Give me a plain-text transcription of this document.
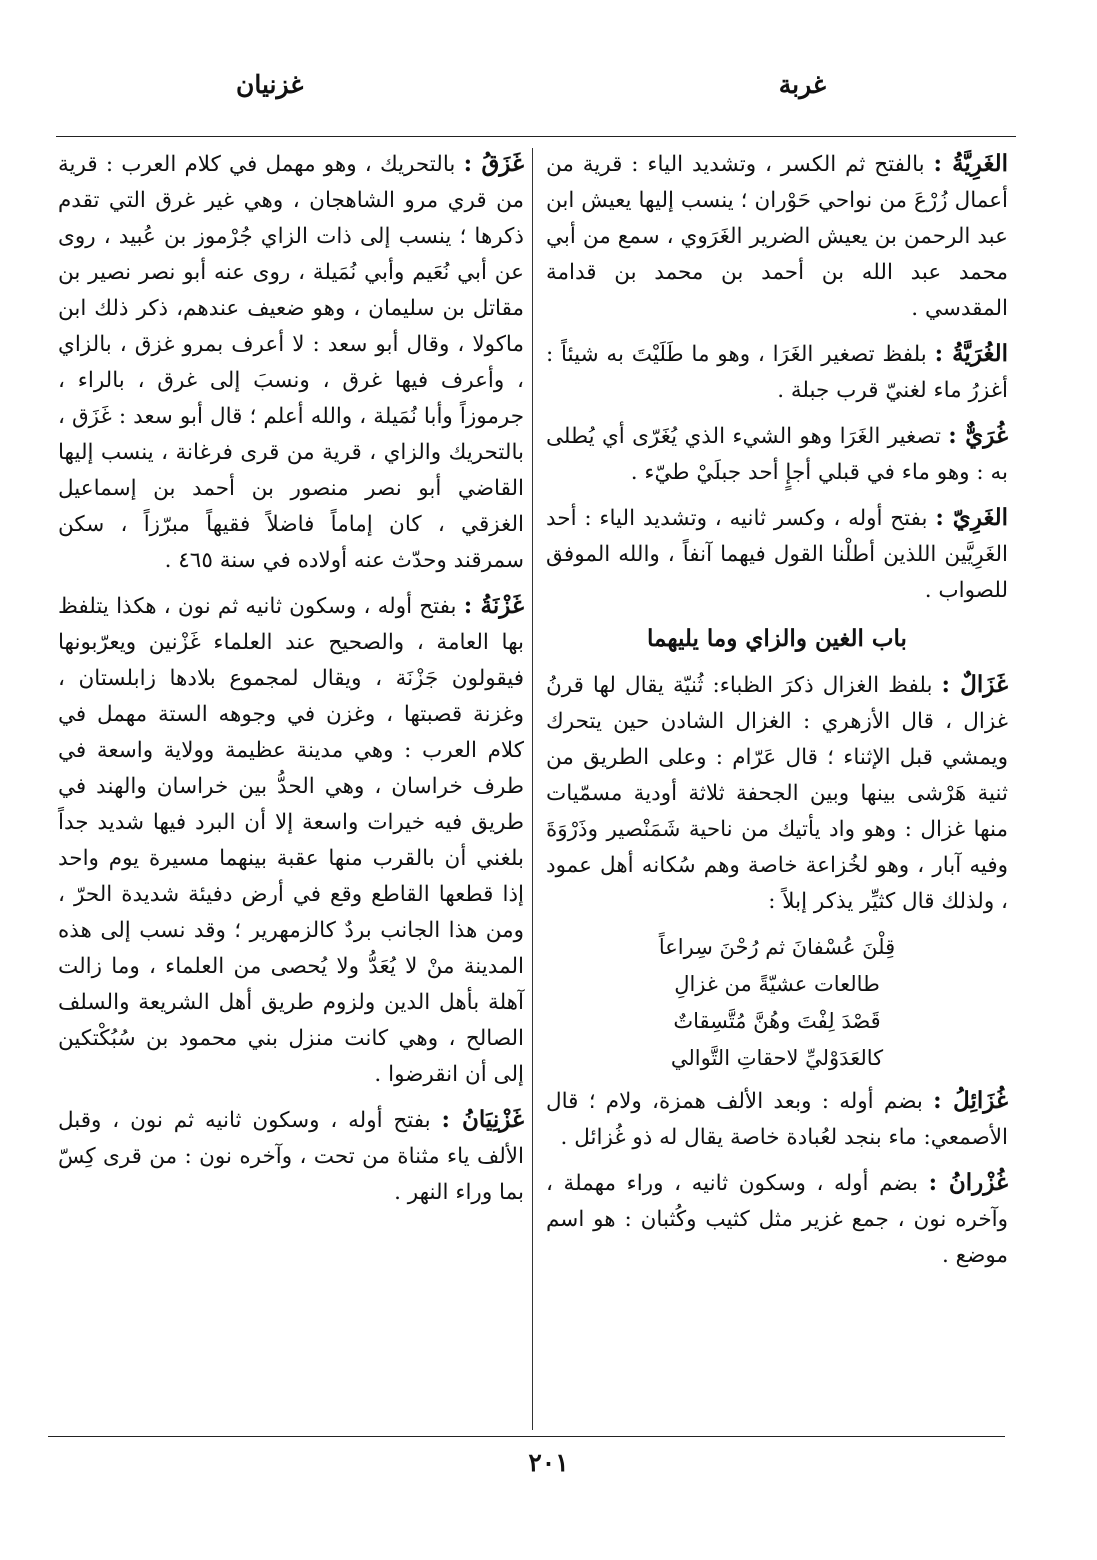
غربة
غزنيان

الغَرِيَّةُ : بالفتح ثم الكسر ، وتشديد الياء : قرية من أعمال زُرْعَ من نواحي حَوْران ؛ ينسب إليها يعيش ابن عبد الرحمن بن يعيش الضرير الغَرَوي ، سمع من أبي محمد عبد الله بن أحمد بن محمد بن قدامة المقدسي .

الغُرَيَّةُ : بلفظ تصغير الغَرَا ، وهو ما طَلَيْتَ به شيئاً : أغزرُ ماء لغنيّ قرب جبلة .

غُرَيٌّ : تصغير الغَرَا وهو الشيء الذي يُغَرّى أي يُطلى به : وهو ماء في قبلي أجإٍ أحد جبلَيْ طيّء .

الغَرِيّ : بفتح أوله ، وكسر ثانيه ، وتشديد الياء : أحد الغَرِيَّين اللذين أطلْنا القول فيهما آنفاً ، والله الموفق للصواب .

باب الغين والزاي وما يليهما

غَزَالٌ : بلفظ الغزال ذكرَ الظباء: ثُنيّة يقال لها قرنُ غزال ، قال الأزهري : الغزال الشادن حين يتحرك ويمشي قبل الإثناء ؛ قال عَرّام : وعلى الطريق من ثنية هَرْشى بينها وبين الجحفة ثلاثة أودية مسمّيات منها غزال : وهو واد يأتيك من ناحية شَمَنْصير وذَرْوَةَ وفيه آبار ، وهو لخُزاعة خاصة وهم سُكانه أهل عمود ، ولذلك قال كثيِّر يذكر إبلاً :

قِلْنَ عُسْفانَ ثم رُحْنَ سِراعاً
طالعات عشيّةً من غزالِ
قَصْدَ لِفْتَ وهُنَّ مُتَّسِقاتٌ
كالعَدَوْليِّ لاحقاتِ التَّوالي

غُزَائِلُ : بضم أوله : وبعد الألف همزة، ولام ؛ قال الأصمعي: ماء بنجد لعُبادة خاصة يقال له ذو غُزائل .

غُزْرانُ : بضم أوله ، وسكون ثانيه ، وراء مهملة ، وآخره نون ، جمع غزير مثل كثيب وكُثبان : هو اسم موضع .

غَزَقُ : بالتحريك ، وهو مهمل في كلام العرب : قرية من قري مرو الشاهجان ، وهي غير غرق التي تقدم ذكرها ؛ ينسب إلى ذات الزاي جُرْموز بن عُبيد ، روى عن أبي نُعَيم وأبي نُمَيلة ، روى عنه أبو نصر نصير بن مقاتل بن سليمان ، وهو ضعيف عندهم، ذكر ذلك ابن ماكولا ، وقال أبو سعد : لا أعرف بمرو غزق ، بالزاي ، وأعرف فيها غرق ، ونسبَ إلى غرق ، بالراء ، جرموزاً وأبا نُمَيلة ، والله أعلم ؛ قال أبو سعد : غَزَق ، بالتحريك والزاي ، قرية من قرى فرغانة ، ينسب إليها القاضي أبو نصر منصور بن أحمد بن إسماعيل الغزقي ، كان إماماً فاضلاً فقيهاً مبرّزاً ، سكن سمرقند وحدّث عنه أولاده في سنة ٤٦٥ .

غَزْنَةُ : بفتح أوله ، وسكون ثانيه ثم نون ، هكذا يتلفظ بها العامة ، والصحيح عند العلماء غَزْنين ويعرّبونها فيقولون جَزْنَة ، ويقال لمجموع بلادها زابلستان ، وغزنة قصبتها ، وغزن في وجوهه الستة مهمل في كلام العرب : وهي مدينة عظيمة وولاية واسعة في طرف خراسان ، وهي الحدُّ بين خراسان والهند في طريق فيه خيرات واسعة إلا أن البرد فيها شديد جداً بلغني أن بالقرب منها عقبة بينهما مسيرة يوم واحد إذا قطعها القاطع وقع في أرض دفيئة شديدة الحرّ ، ومن هذا الجانب بردٌ كالزمهرير ؛ وقد نسب إلى هذه المدينة منْ لا يُعَدُّ ولا يُحصى من العلماء ، وما زالت آهلة بأهل الدين ولزوم طريق أهل الشريعة والسلف الصالح ، وهي كانت منزل بني محمود بن سُبُكْتكين إلى أن انقرضوا .

غَزْنِيَانُ : بفتح أوله ، وسكون ثانيه ثم نون ، وقبل الألف ياء مثناة من تحت ، وآخره نون : من قرى كِسّ بما وراء النهر .

٢٠١
